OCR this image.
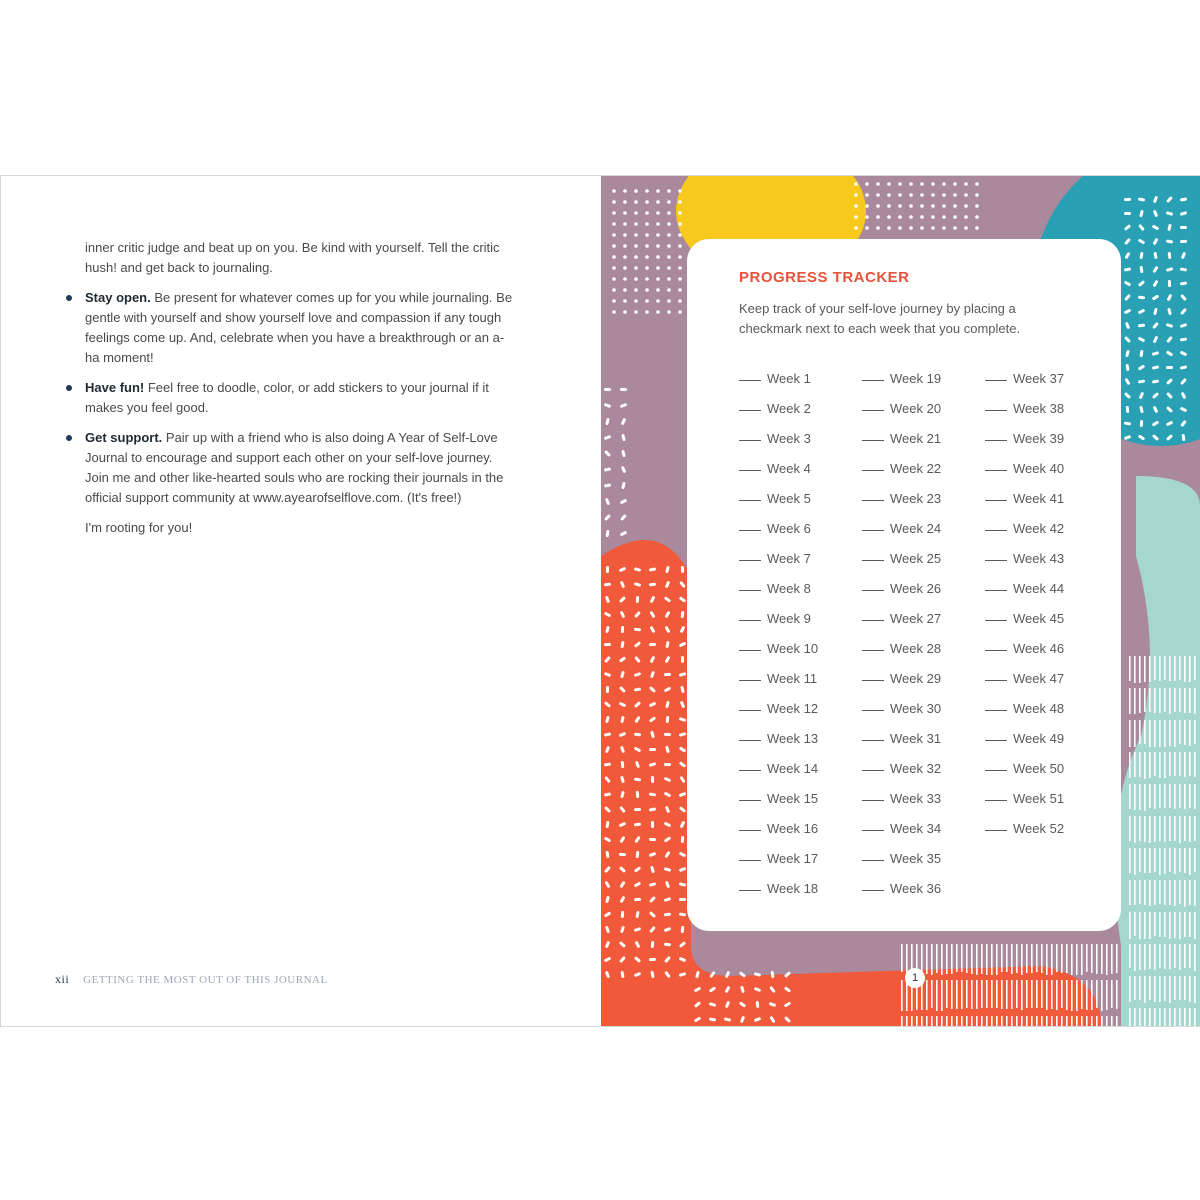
inner critic judge and beat up on you. Be kind with yourself. Tell the critic hush! and get back to journaling.

Stay open. Be present for whatever comes up for you while journaling. Be gentle with yourself and show yourself love and compassion if any tough feelings come up. And, celebrate when you have a breakthrough or an a-ha moment!
Have fun! Feel free to doodle, color, or add stickers to your journal if it makes you feel good.
Get support. Pair up with a friend who is also doing A Year of Self-Love Journal to encourage and support each other on your self-love journey. Join me and other like-hearted souls who are rocking their journals in the official support community at www.ayearofselflove.com. (It's free!)

I'm rooting for you!

xii GETTING THE MOST OUT OF THIS JOURNAL
PROGRESS TRACKER
Keep track of your self-love journey by placing a checkmark next to each week that you complete.
Week 1
Week 2
Week 3
Week 4
Week 5
Week 6
Week 7
Week 8
Week 9
Week 10
Week 11
Week 12
Week 13
Week 14
Week 15
Week 16
Week 17
Week 18
Week 19
Week 20
Week 21
Week 22
Week 23
Week 24
Week 25
Week 26
Week 27
Week 28
Week 29
Week 30
Week 31
Week 32
Week 33
Week 34
Week 35
Week 36
Week 37
Week 38
Week 39
Week 40
Week 41
Week 42
Week 43
Week 44
Week 45
Week 46
Week 47
Week 48
Week 49
Week 50
Week 51
Week 52
1
